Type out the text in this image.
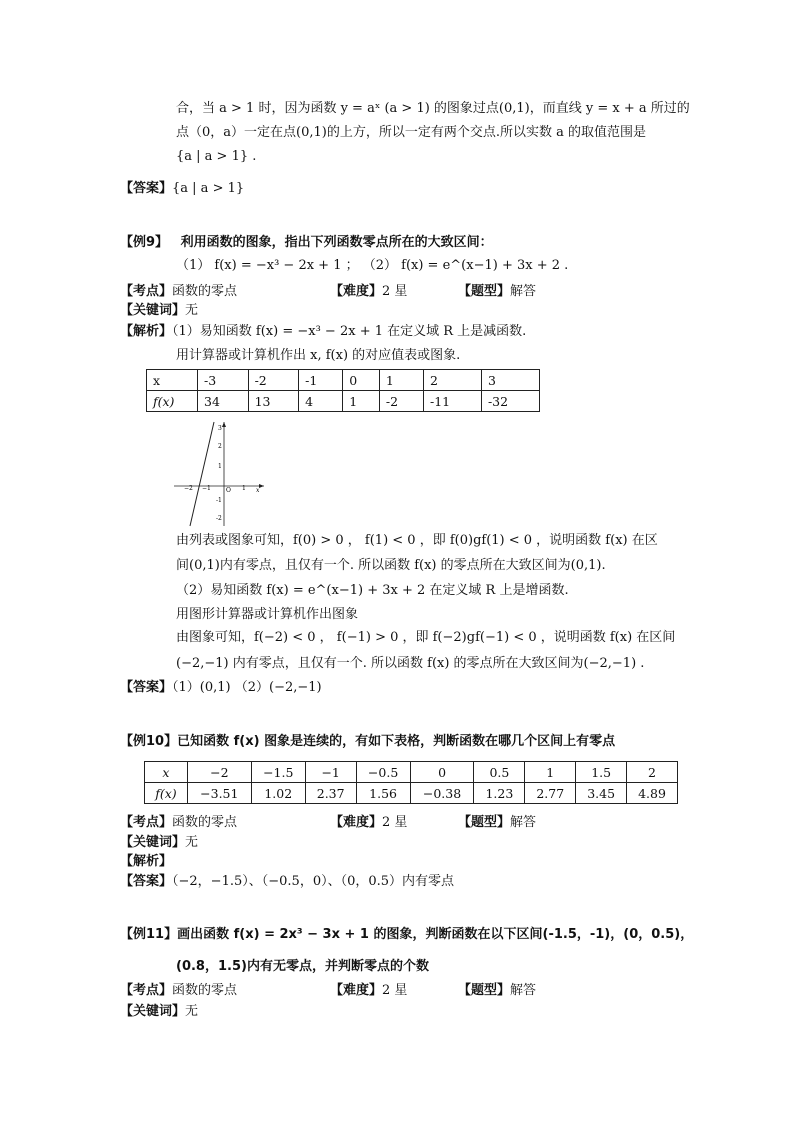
合，当 a > 1 时，因为函数 y = aˣ (a > 1) 的图象过点(0,1)，而直线 y = x + a 所过的
点（0，a）一定在点(0,1)的上方，所以一定有两个交点.所以实数 a 的取值范围是
{a | a > 1} .
【答案】{a | a > 1}
【例9】 利用函数的图象，指出下列函数零点所在的大致区间：
（1） f(x) = −x³ − 2x + 1 ； （2） f(x) = e^(x−1) + 3x + 2 .
【考点】函数的零点	【难度】2 星	【题型】解答
【关键词】无
【解析】（1）易知函数 f(x) = −x³ − 2x + 1 在定义域 R 上是减函数.
用计算器或计算机作出 x, f(x) 的对应值表或图象.
x	-3	-2	-1	0	1	2	3
f(x)	34	13	4	1	-2	-11	-32
3
2
1
-1
-2
−2 −1	O 1 x
由列表或图象可知，f(0) > 0 ， f(1) < 0 ，即 f(0)gf(1) < 0 ，说明函数 f(x) 在区
间(0,1)内有零点，且仅有一个. 所以函数 f(x) 的零点所在大致区间为(0,1).
（2）易知函数 f(x) = e^(x−1) + 3x + 2 在定义域 R 上是增函数.
用图形计算器或计算机作出图象
由图象可知，f(−2) < 0 ， f(−1) > 0 ，即 f(−2)gf(−1) < 0 ，说明函数 f(x) 在区间
(−2,−1) 内有零点，且仅有一个. 所以函数 f(x) 的零点所在大致区间为(−2,−1) .
【答案】（1）(0,1) （2）(−2,−1)
【例10】已知函数 f(x) 图象是连续的，有如下表格，判断函数在哪几个区间上有零点
x	−2	−1.5	−1	−0.5	0	0.5	1	1.5	2
f(x)	−3.51	1.02	2.37	1.56	−0.38	1.23	2.77	3.45	4.89
【考点】函数的零点	【难度】2 星	【题型】解答
【关键词】无
【解析】
【答案】（−2，−1.5）、（−0.5，0）、（0，0.5）内有零点
【例11】画出函数 f(x) = 2x³ − 3x + 1 的图象，判断函数在以下区间(-1.5，-1)，(0，0.5)，
(0.8，1.5)内有无零点，并判断零点的个数
【考点】函数的零点	【难度】2 星	【题型】解答
【关键词】无
